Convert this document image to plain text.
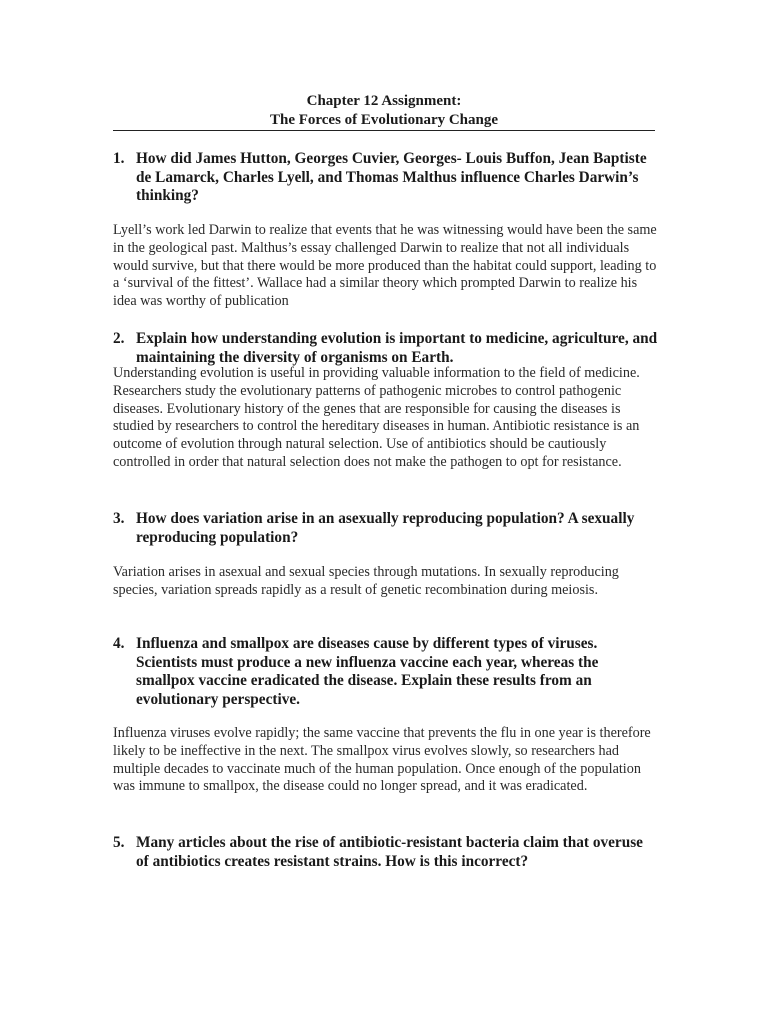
Chapter 12 Assignment:
The Forces of Evolutionary Change
1. How did James Hutton, Georges Cuvier, Georges- Louis Buffon, Jean Baptiste de Lamarck, Charles Lyell, and Thomas Malthus influence Charles Darwin’s thinking?

Lyell’s work led Darwin to realize that events that he was witnessing would have been the same in the geological past. Malthus’s essay challenged Darwin to realize that not all individuals would survive, but that there would be more produced than the habitat could support, leading to a ‘survival of the fittest’. Wallace had a similar theory which prompted Darwin to realize his idea was worthy of publication

2. Explain how understanding evolution is important to medicine, agriculture, and maintaining the diversity of organisms on Earth.

Understanding evolution is useful in providing valuable information to the field of medicine. Researchers study the evolutionary patterns of pathogenic microbes to control pathogenic diseases. Evolutionary history of the genes that are responsible for causing the diseases is studied by researchers to control the hereditary diseases in human. Antibiotic resistance is an outcome of evolution through natural selection. Use of antibiotics should be cautiously controlled in order that natural selection does not make the pathogen to opt for resistance.

3. How does variation arise in an asexually reproducing population? A sexually reproducing population?

Variation arises in asexual and sexual species through mutations. In sexually reproducing species, variation spreads rapidly as a result of genetic recombination during meiosis.

4. Influenza and smallpox are diseases cause by different types of viruses. Scientists must produce a new influenza vaccine each year, whereas the smallpox vaccine eradicated the disease. Explain these results from an evolutionary perspective.

Influenza viruses evolve rapidly; the same vaccine that prevents the flu in one year is therefore likely to be ineffective in the next. The smallpox virus evolves slowly, so researchers had multiple decades to vaccinate much of the human population. Once enough of the population was immune to smallpox, the disease could no longer spread, and it was eradicated.

5. Many articles about the rise of antibiotic-resistant bacteria claim that overuse of antibiotics creates resistant strains. How is this incorrect?
